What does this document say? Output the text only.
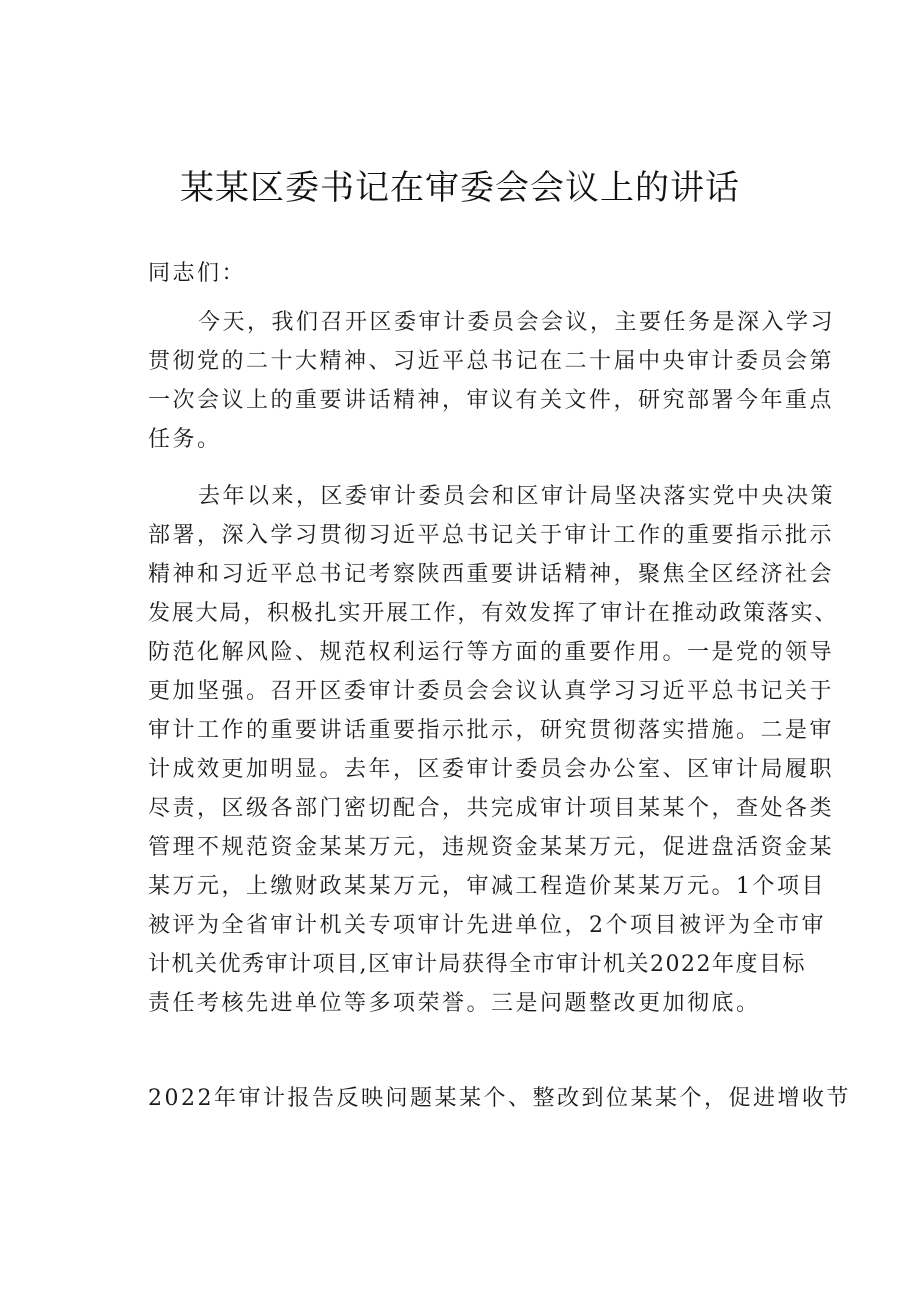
某某区委书记在审委会会议上的讲话
同志们：
今天，我们召开区委审计委员会会议，主要任务是深入学习
贯彻党的二十大精神、习近平总书记在二十届中央审计委员会第
一次会议上的重要讲话精神，审议有关文件，研究部署今年重点
任务。
去年以来，区委审计委员会和区审计局坚决落实党中央决策
部署，深入学习贯彻习近平总书记关于审计工作的重要指示批示
精神和习近平总书记考察陕西重要讲话精神，聚焦全区经济社会
发展大局，积极扎实开展工作，有效发挥了审计在推动政策落实、
防范化解风险、规范权利运行等方面的重要作用。一是党的领导
更加坚强。召开区委审计委员会会议认真学习习近平总书记关于
审计工作的重要讲话重要指示批示，研究贯彻落实措施。二是审
计成效更加明显。去年，区委审计委员会办公室、区审计局履职
尽责，区级各部门密切配合，共完成审计项目某某个，查处各类
管理不规范资金某某万元，违规资金某某万元，促进盘活资金某
某万元，上缴财政某某万元，审减工程造价某某万元。1个项目
被评为全省审计机关专项审计先进单位，2个项目被评为全市审
计机关优秀审计项目,区审计局获得全市审计机关2022年度目标
责任考核先进单位等多项荣誉。三是问题整改更加彻底。
2022年审计报告反映问题某某个、整改到位某某个，促进增收节
